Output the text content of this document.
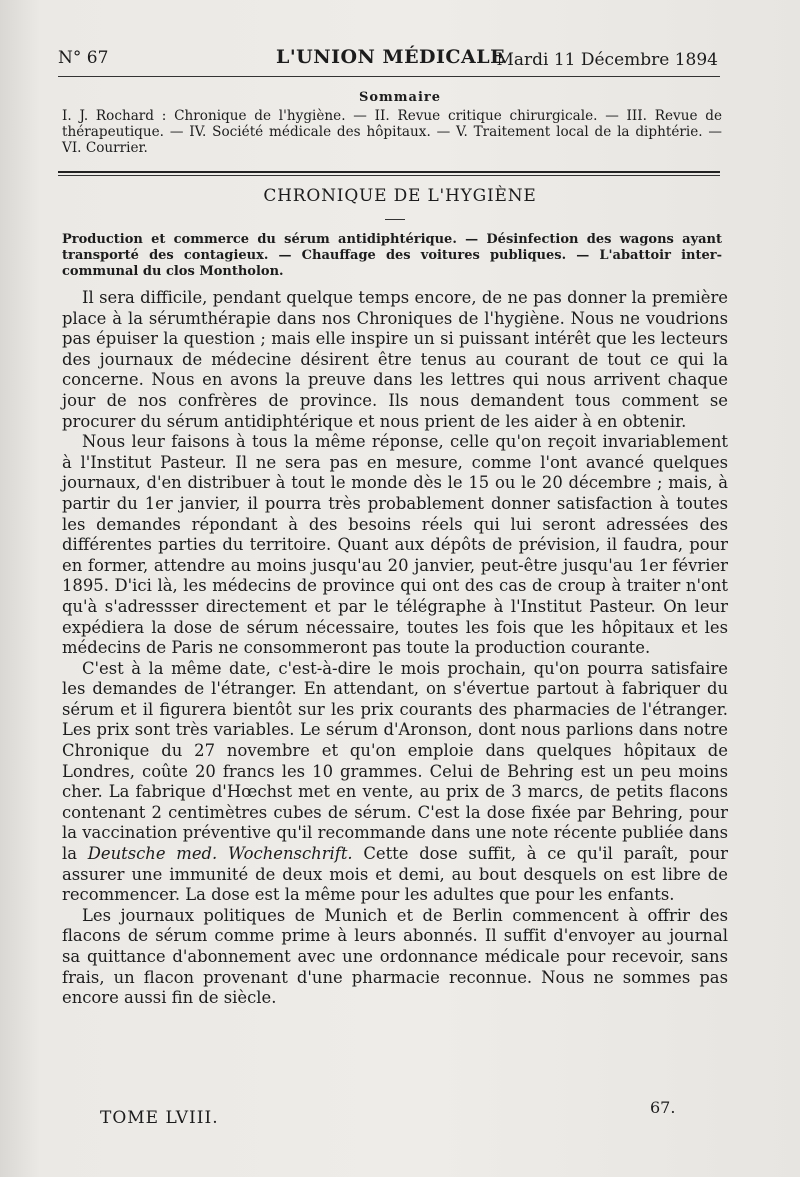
N° 67	L'UNION MÉDICALE
Mardi 11 Décembre 1894
Sommaire
I. J. Rochard : Chronique de l'hygiène. — II. Revue critique chirurgicale. — III. Revue de thérapeutique. — IV. Société médicale des hôpitaux. — V. Traitement local de la diphtérie. — VI. Courrier.
CHRONIQUE DE L'HYGIÈNE
Production et commerce du sérum antidiphtérique. — Désinfection des wagons ayant transporté des contagieux. — Chauffage des voitures publiques. — L'abattoir inter-communal du clos Montholon.

Il sera difficile, pendant quelque temps encore, de ne pas donner la première place à la sérumthérapie dans nos Chroniques de l'hygiène. Nous ne voudrions pas épuiser la question ; mais elle inspire un si puissant intérêt que les lecteurs des journaux de médecine désirent être tenus au courant de tout ce qui la concerne. Nous en avons la preuve dans les lettres qui nous arrivent chaque jour de nos confrères de province. Ils nous demandent tous comment se procurer du sérum antidiphtérique et nous prient de les aider à en obtenir.

Nous leur faisons à tous la même réponse, celle qu'on reçoit invariablement à l'Institut Pasteur. Il ne sera pas en mesure, comme l'ont avancé quelques journaux, d'en distribuer à tout le monde dès le 15 ou le 20 décembre ; mais, à partir du 1er janvier, il pourra très probablement donner satisfaction à toutes les demandes répondant à des besoins réels qui lui seront adressées des différentes parties du territoire. Quant aux dépôts de prévision, il faudra, pour en former, attendre au moins jusqu'au 20 janvier, peut-être jusqu'au 1er février 1895. D'ici là, les médecins de province qui ont des cas de croup à traiter n'ont qu'à s'adressser directement et par le télégraphe à l'Institut Pasteur. On leur expédiera la dose de sérum nécessaire, toutes les fois que les hôpitaux et les médecins de Paris ne consommeront pas toute la production courante.

C'est à la même date, c'est-à-dire le mois prochain, qu'on pourra satisfaire les demandes de l'étranger. En attendant, on s'évertue partout à fabriquer du sérum et il figurera bientôt sur les prix courants des pharmacies de l'étranger. Les prix sont très variables. Le sérum d'Aronson, dont nous parlions dans notre Chronique du 27 novembre et qu'on emploie dans quelques hôpitaux de Londres, coûte 20 francs les 10 grammes. Celui de Behring est un peu moins cher. La fabrique d'Hœchst met en vente, au prix de 3 marcs, de petits flacons contenant 2 centimètres cubes de sérum. C'est la dose fixée par Behring, pour la vaccination préventive qu'il recommande dans une note récente publiée dans la Deutsche med. Wochenschrift. Cette dose suffit, à ce qu'il paraît, pour assurer une immunité de deux mois et demi, au bout desquels on est libre de recommencer. La dose est la même pour les adultes que pour les enfants.

Les journaux politiques de Munich et de Berlin commencent à offrir des flacons de sérum comme prime à leurs abonnés. Il suffit d'envoyer au journal sa quittance d'abonnement avec une ordonnance médicale pour recevoir, sans frais, un flacon provenant d'une pharmacie reconnue. Nous ne sommes pas encore aussi fin de siècle.

TOME LVIII.
67.
